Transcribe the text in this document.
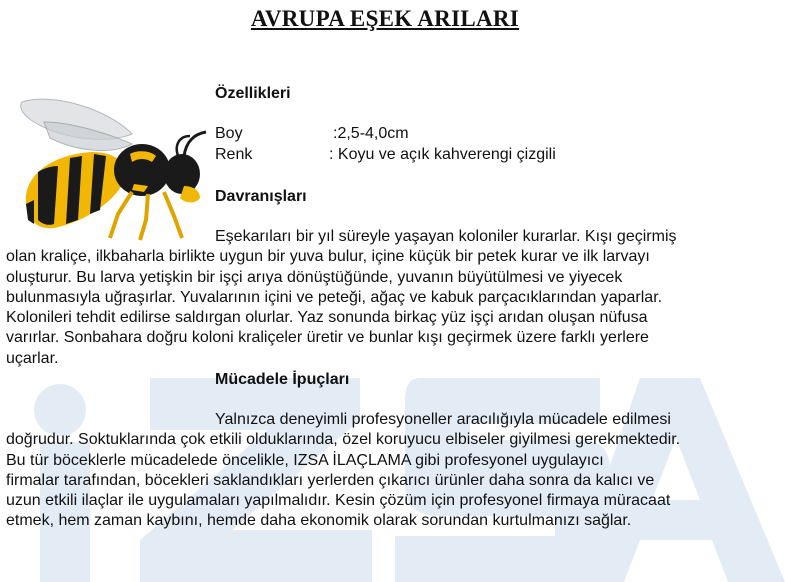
AVRUPA EŞEK ARILARI
Özellikleri
Boy	:2,5-4,0cm
Renk	: Koyu ve açık kahverengi çizgili
Davranışları
Eşekarıları bir yıl süreyle yaşayan koloniler kurarlar. Kışı geçirmiş
olan kraliçe, ilkbaharla birlikte uygun bir yuva bulur, içine küçük bir petek kurar ve ilk larvayı
oluşturur. Bu larva yetişkin bir işçi arıya dönüştüğünde, yuvanın büyütülmesi ve yiyecek
bulunmasıyla uğraşırlar. Yuvalarının içini ve peteği, ağaç ve kabuk parçacıklarından yaparlar.
Kolonileri tehdit edilirse saldırgan olurlar. Yaz sonunda birkaç yüz işçi arıdan oluşan nüfusa
varırlar. Sonbahara doğru koloni kraliçeler üretir ve bunlar kışı geçirmek üzere farklı yerlere
uçarlar.
Mücadele İpuçları
Yalnızca deneyimli profesyoneller aracılığıyla mücadele edilmesi
doğrudur. Soktuklarında çok etkili olduklarında, özel koruyucu elbiseler giyilmesi gerekmektedir.
Bu tür böceklerle mücadelede öncelikle, IZSA İLAÇLAMA gibi profesyonel uygulayıcı
firmalar tarafından, böcekleri saklandıkları yerlerden çıkarıcı ürünler daha sonra da kalıcı ve
uzun etkili ilaçlar ile uygulamaları yapılmalıdır. Kesin çözüm için profesyonel firmaya müracaat
etmek, hem zaman kaybını, hemde daha ekonomik olarak sorundan kurtulmanızı sağlar.
